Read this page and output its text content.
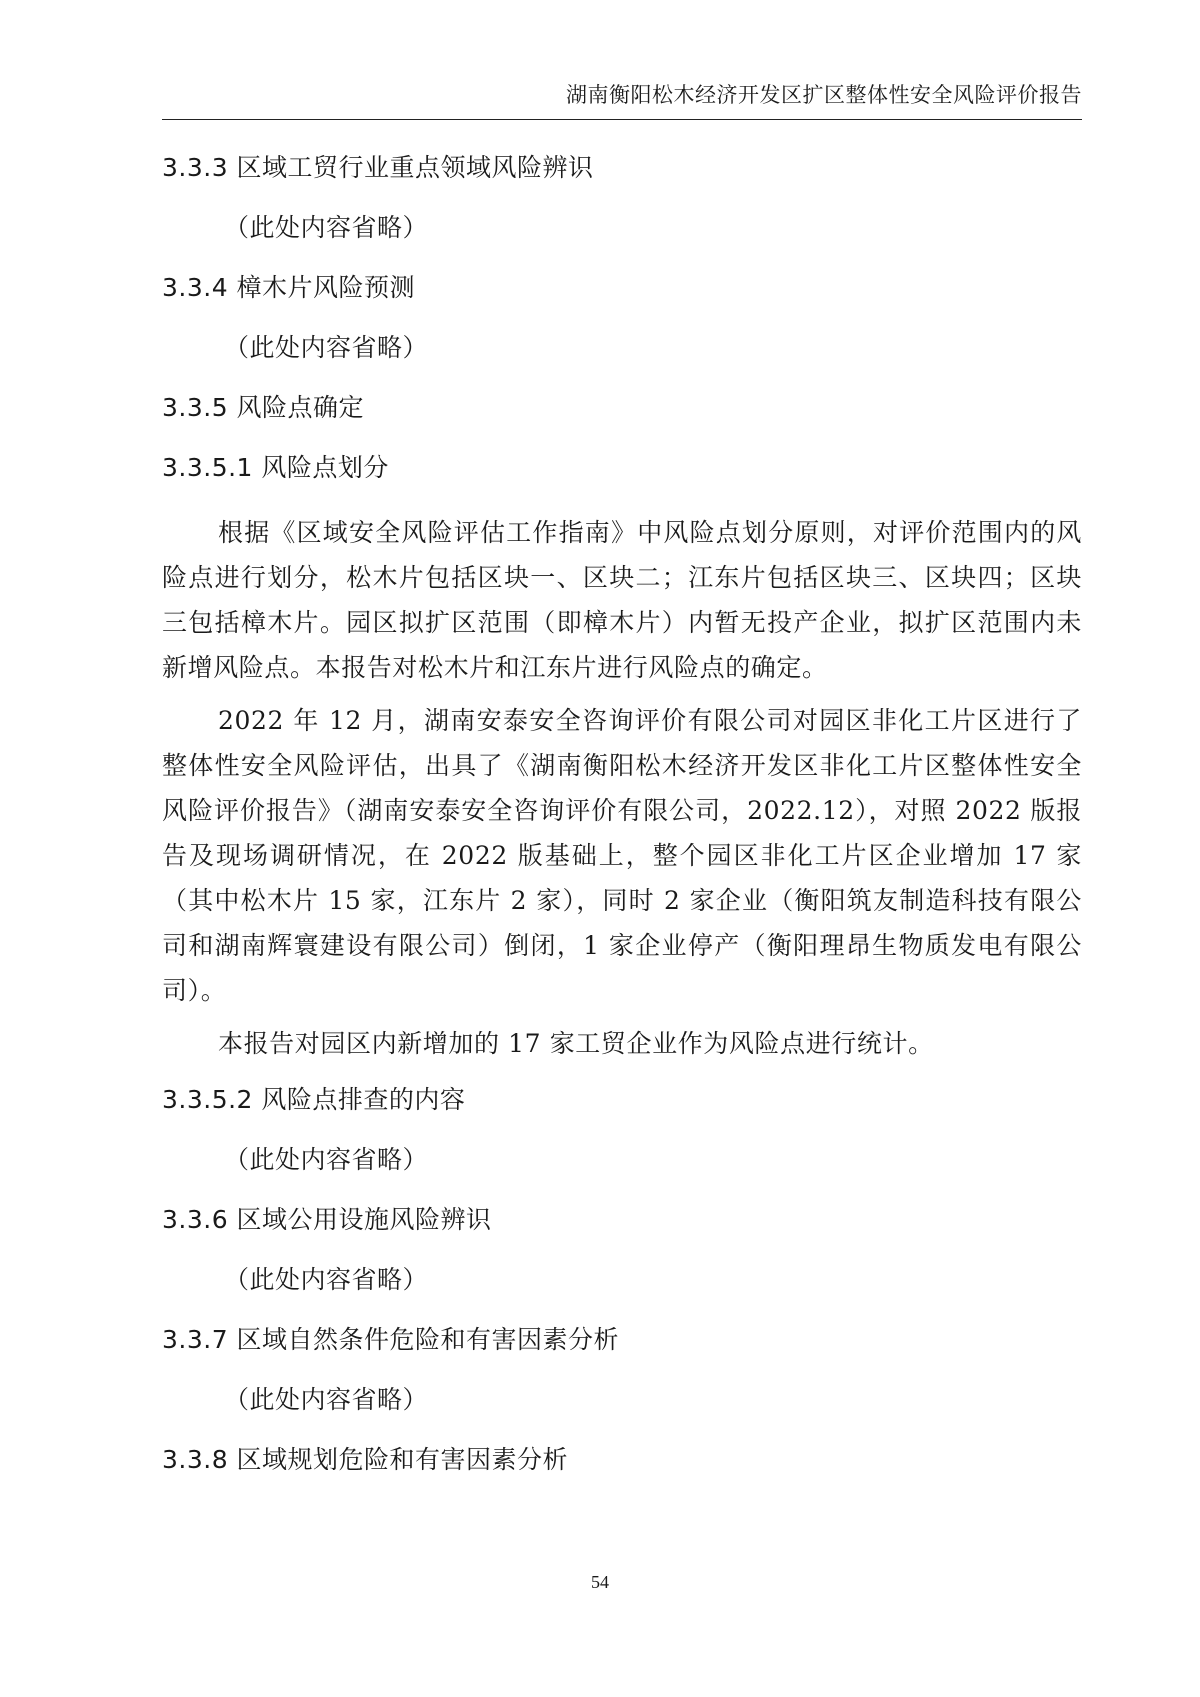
湖南衡阳松木经济开发区扩区整体性安全风险评价报告
3.3.3 区域工贸行业重点领域风险辨识
（此处内容省略）
3.3.4 樟木片风险预测
（此处内容省略）
3.3.5 风险点确定
3.3.5.1 风险点划分

根据《区域安全风险评估工作指南》中风险点划分原则，对评价范围内的风险点进行划分，松木片包括区块一、区块二；江东片包括区块三、区块四；区块三包括樟木片。园区拟扩区范围（即樟木片）内暂无投产企业，拟扩区范围内未新增风险点。本报告对松木片和江东片进行风险点的确定。

2022 年 12 月，湖南安泰安全咨询评价有限公司对园区非化工片区进行了整体性安全风险评估，出具了《湖南衡阳松木经济开发区非化工片区整体性安全风险评价报告》（湖南安泰安全咨询评价有限公司，2022.12），对照 2022 版报告及现场调研情况，在 2022 版基础上，整个园区非化工片区企业增加 17 家（其中松木片 15 家，江东片 2 家），同时 2 家企业（衡阳筑友制造科技有限公司和湖南辉寰建设有限公司）倒闭，1 家企业停产（衡阳理昂生物质发电有限公司）。

本报告对园区内新增加的 17 家工贸企业作为风险点进行统计。

3.3.5.2 风险点排查的内容
（此处内容省略）
3.3.6 区域公用设施风险辨识
（此处内容省略）
3.3.7 区域自然条件危险和有害因素分析
（此处内容省略）
3.3.8 区域规划危险和有害因素分析
54
